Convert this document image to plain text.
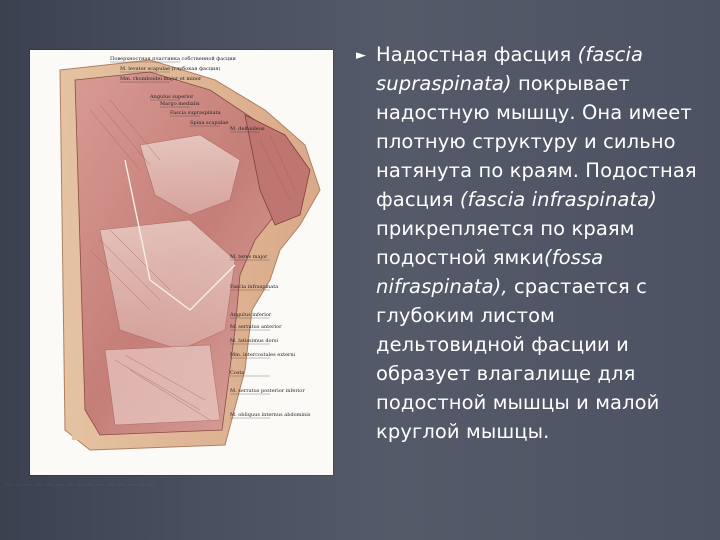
~~~~~~~~~~~~~~~
Поверхностная пластинка собственной фасции
M. levator scapulae (глубокая фасция)
Mm. rhomboidei major et minor
Angulus superior
Margo medialis
Fascia supraspinata
Spina scapulae
M. deltoideus
M. teres major
Fascia infraspinata
Angulus inferior
M. serratus anterior
M. latissimus dorsi
Mm. intercostales externi
Costa
M. serratus posterior inferior
M. obliquus internus abdominis
► Надостная фасция (fascia supraspinata) покрывает надостную мышцу. Она имеет плотную структуру и сильно натянута по краям. Подостная фасция (fascia infraspinata) прикрепляется по краям подостной ямки(fossa nifraspinata), срастается с глубоким листом дельтовидной фасции и образует влагалище для подостной мышцы и малой круглой мышцы.
